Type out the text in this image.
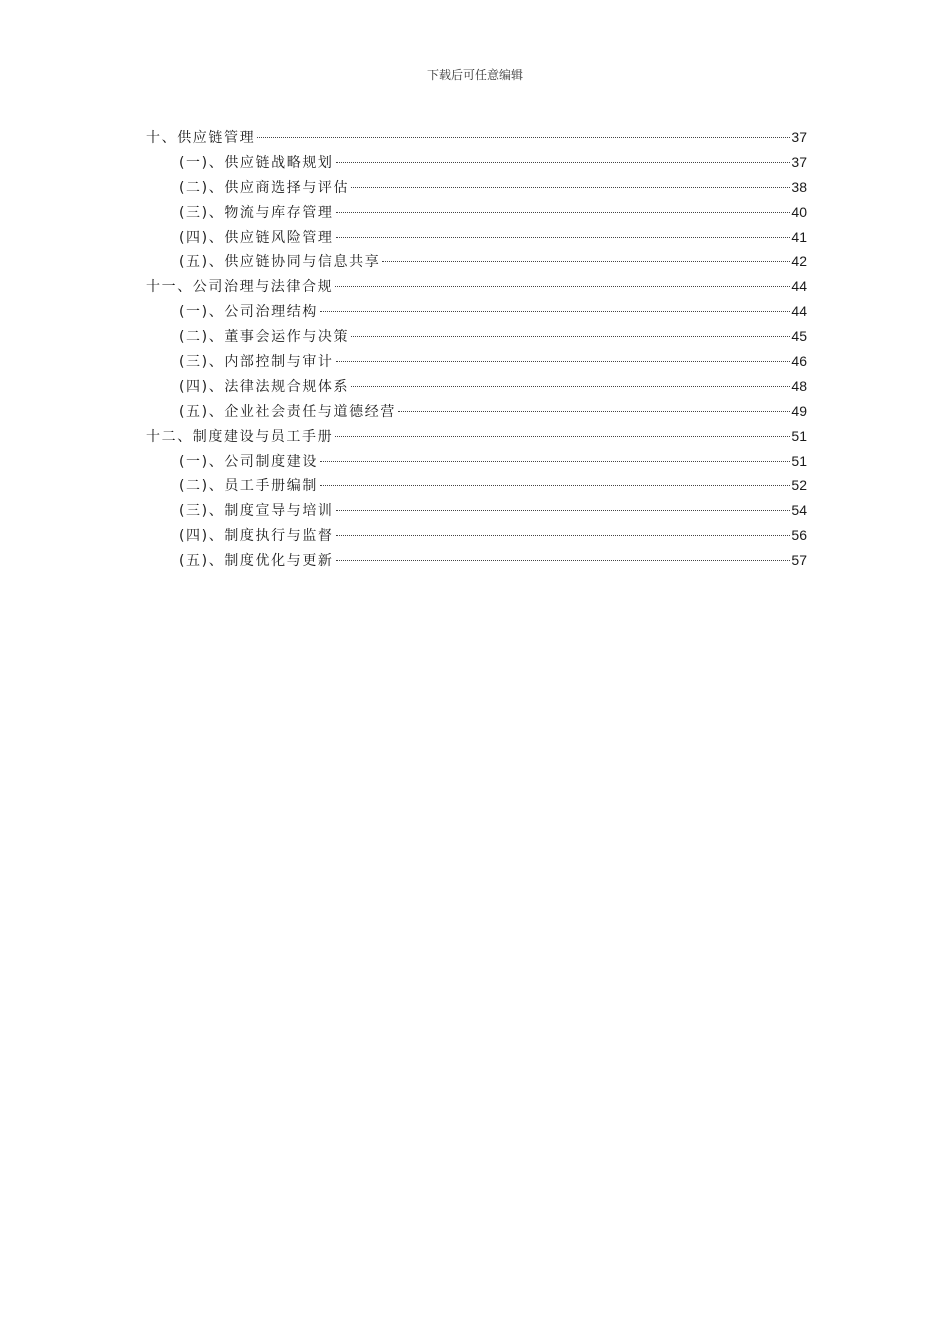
下载后可任意编辑
十、供应链管理	37
(一)、供应链战略规划	37
(二)、供应商选择与评估	38
(三)、物流与库存管理	40
(四)、供应链风险管理	41
(五)、供应链协同与信息共享	42
十一、公司治理与法律合规	44
(一)、公司治理结构	44
(二)、董事会运作与决策	45
(三)、内部控制与审计	46
(四)、法律法规合规体系	48
(五)、企业社会责任与道德经营	49
十二、制度建设与员工手册	51
(一)、公司制度建设	51
(二)、员工手册编制	52
(三)、制度宣导与培训	54
(四)、制度执行与监督	56
(五)、制度优化与更新	57
